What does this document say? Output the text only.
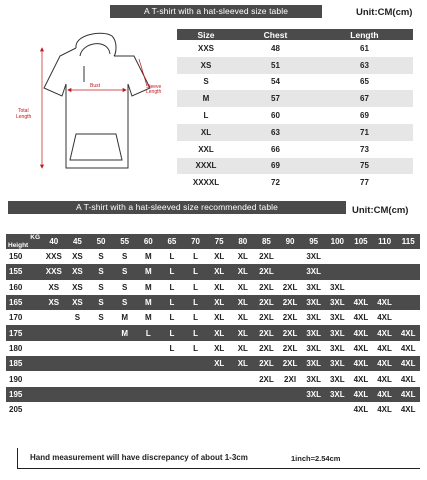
A T-shirt with a hat-sleeved size table	Unit:CM(cm)
Bust	Sleeve
Length
Total
Length
Size	Chest	Length
XXS	48	61
XS	51	63
S	54	65
M	57	67
L	60	69
XL	63	71
XXL	66	73
XXXL	69	75
XXXXL	72	77
A T-shirt with a hat-sleeved size recommended table	Unit:CM(cm)
KG
Height	40	45	50	55	60	65	70	75	80	85	90	95	100	105	110	115
150	XXS	XS	S	S	M	L	L	XL	XL	2XL		3XL				
155	XXS	XS	S	S	M	L	L	XL	XL	2XL		3XL				
160	XS	XS	S	S	M	L	L	XL	XL	2XL	2XL	3XL	3XL			
165	XS	XS	S	S	M	L	L	XL	XL	2XL	2XL	3XL	3XL	4XL	4XL	
170		S	S	M	M	L	L	XL	XL	2XL	2XL	3XL	3XL	4XL	4XL	
175				M	L	L	L	XL	XL	2XL	2XL	3XL	3XL	4XL	4XL	4XL
180						L	L	XL	XL	2XL	2XL	3XL	3XL	4XL	4XL	4XL
185								XL	XL	2XL	2XL	3XL	3XL	4XL	4XL	4XL
190										2XL	2XI	3XL	3XL	4XL	4XL	4XL
195												3XL	3XL	4XL	4XL	4XL
205														4XL	4XL	4XL
Hand measurement will have discrepancy of about 1-3cm	1inch=2.54cm
